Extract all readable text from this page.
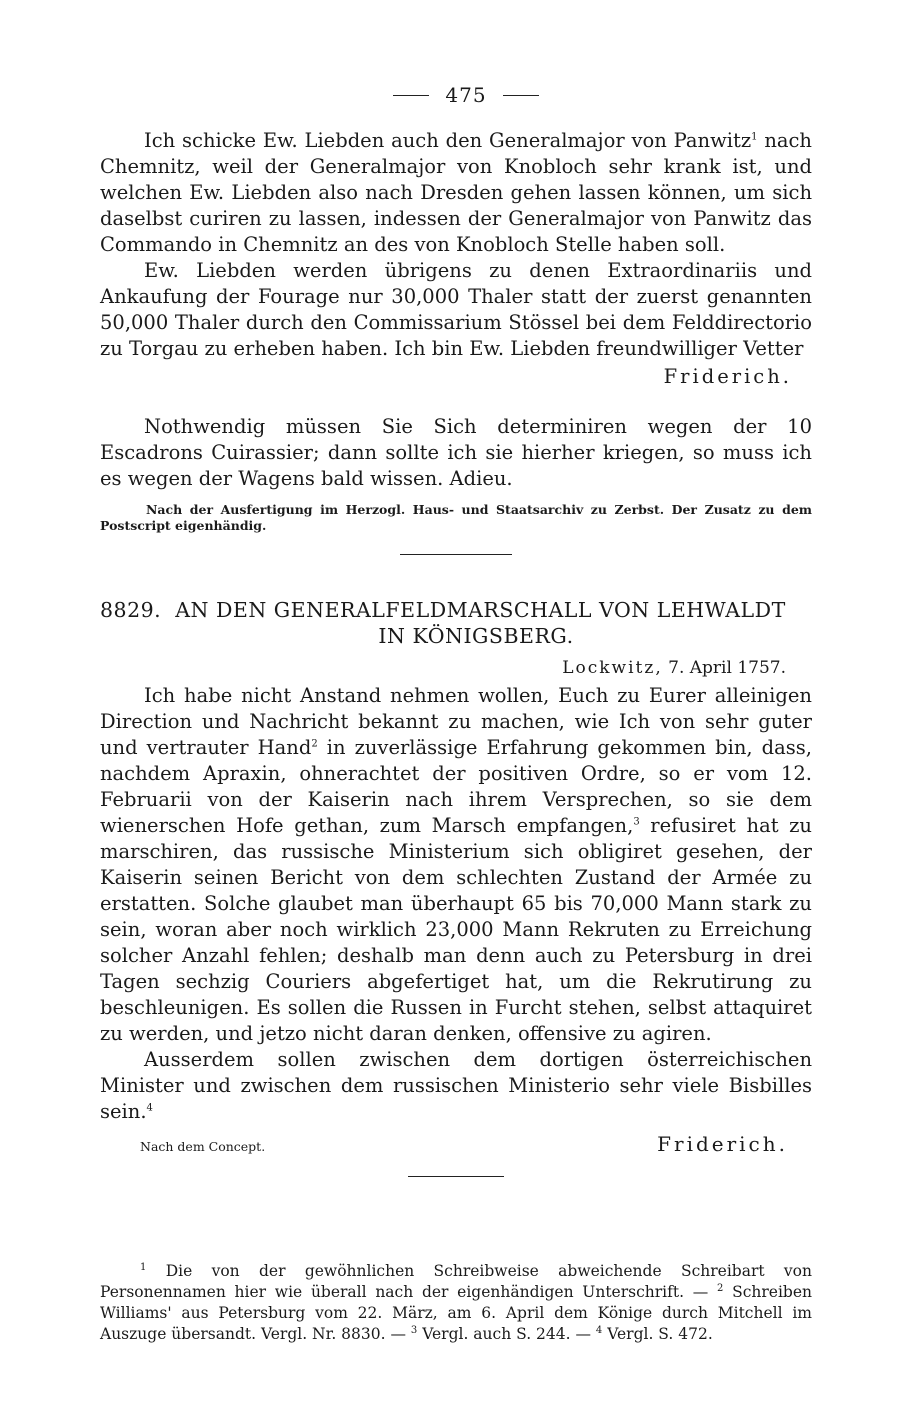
475

Ich schicke Ew. Liebden auch den Generalmajor von Panwitz$^1$ nach Chemnitz, weil der Generalmajor von Knobloch sehr krank ist, und welchen Ew. Liebden also nach Dresden gehen lassen können, um sich daselbst curiren zu lassen, indessen der Generalmajor von Panwitz das Commando in Chemnitz an des von Knobloch Stelle haben soll.

Ew. Liebden werden übrigens zu denen Extraordinariis und Ankaufung der Fourage nur 30,000 Thaler statt der zuerst genannten 50,000 Thaler durch den Commissarium Stössel bei dem Felddirectorio zu Torgau zu erheben haben. Ich bin Ew. Liebden freundwilliger Vetter

Friderich.

Nothwendig müssen Sie Sich determiniren wegen der 10 Escadrons Cuirassier; dann sollte ich sie hierher kriegen, so muss ich es wegen der Wagens bald wissen. Adieu.

Nach der Ausfertigung im Herzogl. Haus- und Staatsarchiv zu Zerbst. Der Zusatz zu dem Postscript eigenhändig.

8829. AN DEN GENERALFELDMARSCHALL VON LEHWALDT
IN KÖNIGSBERG.
Lockwitz, 7. April 1757.

Ich habe nicht Anstand nehmen wollen, Euch zu Eurer alleinigen Direction und Nachricht bekannt zu machen, wie Ich von sehr guter und vertrauter Hand$^2$ in zuverlässige Erfahrung gekommen bin, dass, nachdem Apraxin, ohnerachtet der positiven Ordre, so er vom 12. Februarii von der Kaiserin nach ihrem Versprechen, so sie dem wienerschen Hofe gethan, zum Marsch empfangen,$^3$ refusiret hat zu marschiren, das russische Ministerium sich obligiret gesehen, der Kaiserin seinen Bericht von dem schlechten Zustand der Armée zu erstatten. Solche glaubet man überhaupt 65 bis 70,000 Mann stark zu sein, woran aber noch wirklich 23,000 Mann Rekruten zu Erreichung solcher Anzahl fehlen; deshalb man denn auch zu Petersburg in drei Tagen sechzig Couriers abgefertiget hat, um die Rekrutirung zu beschleunigen. Es sollen die Russen in Furcht stehen, selbst attaquiret zu werden, und jetzo nicht daran denken, offensive zu agiren.

Ausserdem sollen zwischen dem dortigen österreichischen Minister und zwischen dem russischen Ministerio sehr viele Bisbilles sein.$^4$

Nach dem Concept.	Friderich.
$^1$ Die von der gewöhnlichen Schreibweise abweichende Schreibart von Personennamen hier wie überall nach der eigenhändigen Unterschrift. — $^2$ Schreiben Williams' aus Petersburg vom 22. März, am 6. April dem Könige durch Mitchell im Auszuge übersandt. Vergl. Nr. 8830. — $^3$ Vergl. auch S. 244. — $^4$ Vergl. S. 472.
